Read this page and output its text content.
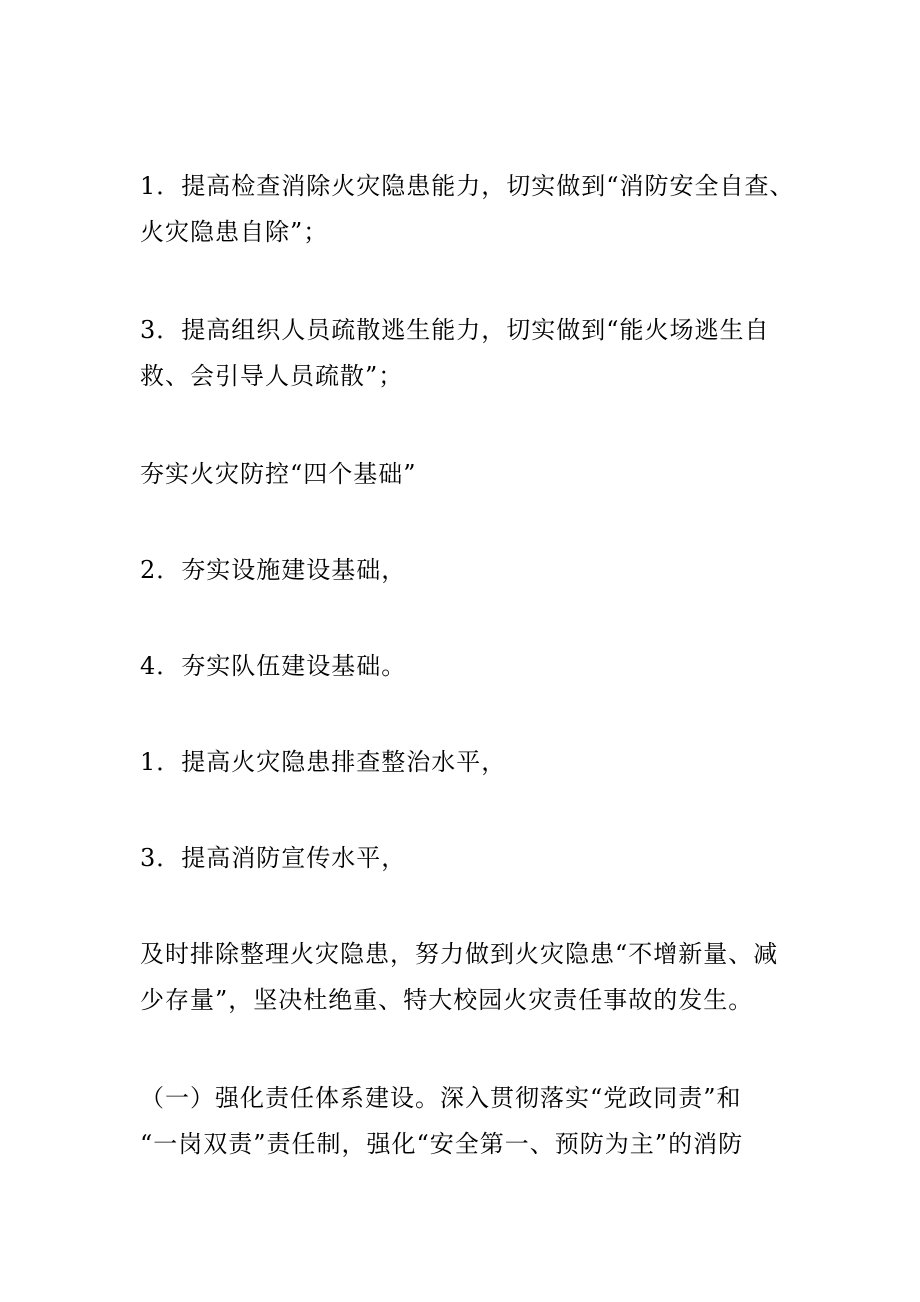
1．提高检查消除火灾隐患能力，切实做到“消防安全自查、
火灾隐患自除”；
3．提高组织人员疏散逃生能力，切实做到“能火场逃生自
救、会引导人员疏散”；
夯实火灾防控“四个基础”
2．夯实设施建设基础，
4．夯实队伍建设基础。
1．提高火灾隐患排查整治水平，
3．提高消防宣传水平，
及时排除整理火灾隐患，努力做到火灾隐患“不增新量、减
少存量”，坚决杜绝重、特大校园火灾责任事故的发生。
（一）强化责任体系建设。深入贯彻落实“党政同责”和
“一岗双责”责任制，强化“安全第一、预防为主”的消防
